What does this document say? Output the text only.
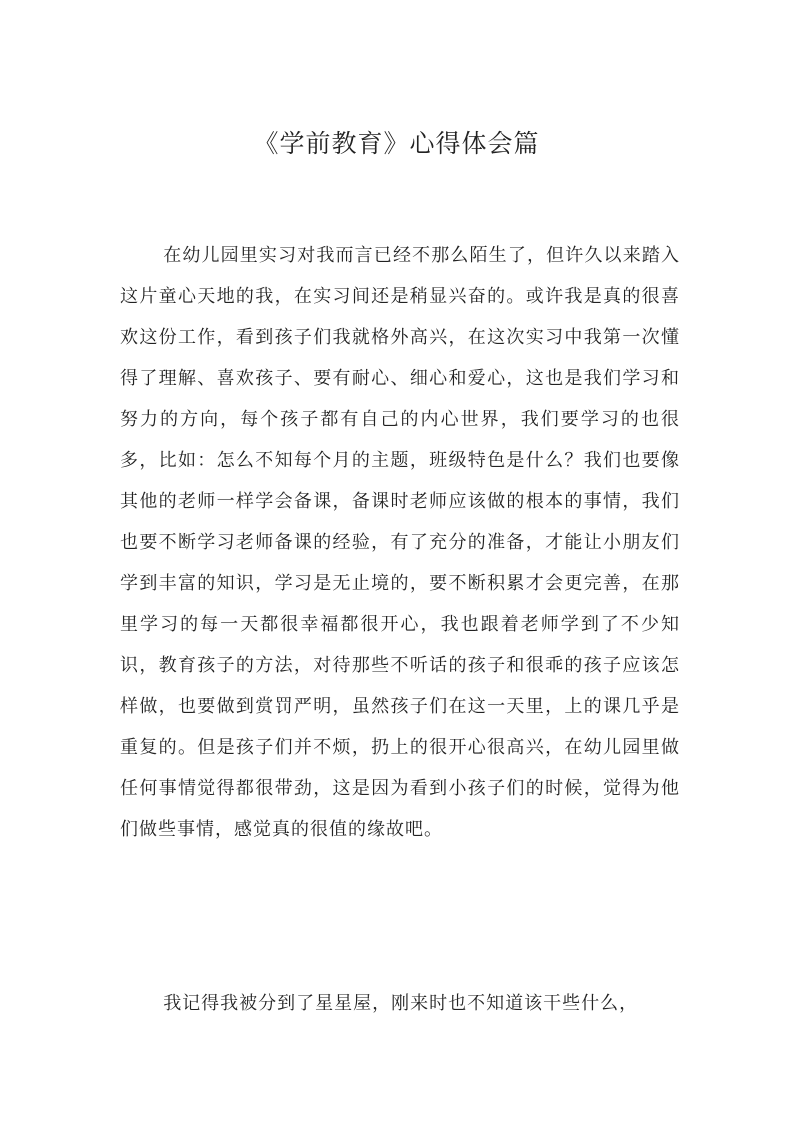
《学前教育》心得体会篇

在幼儿园里实习对我而言已经不那么陌生了，但许久以来踏入这片童心天地的我，在实习间还是稍显兴奋的。或许我是真的很喜欢这份工作，看到孩子们我就格外高兴，在这次实习中我第一次懂得了理解、喜欢孩子、要有耐心、细心和爱心，这也是我们学习和努力的方向，每个孩子都有自己的内心世界，我们要学习的也很多，比如：怎么不知每个月的主题，班级特色是什么？我们也要像其他的老师一样学会备课，备课时老师应该做的根本的事情，我们也要不断学习老师备课的经验，有了充分的准备，才能让小朋友们学到丰富的知识，学习是无止境的，要不断积累才会更完善，在那里学习的每一天都很幸福都很开心，我也跟着老师学到了不少知识，教育孩子的方法，对待那些不听话的孩子和很乖的孩子应该怎样做，也要做到赏罚严明，虽然孩子们在这一天里，上的课几乎是重复的。但是孩子们并不烦，扔上的很开心很高兴，在幼儿园里做任何事情觉得都很带劲，这是因为看到小孩子们的时候，觉得为他们做些事情，感觉真的很值的缘故吧。

我记得我被分到了星星屋，刚来时也不知道该干些什么，
